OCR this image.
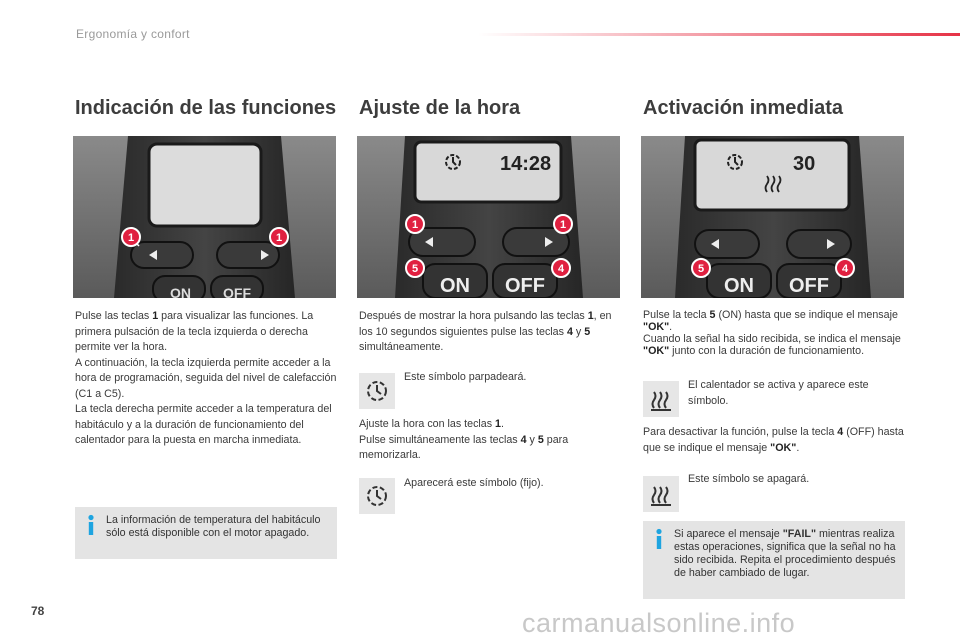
Ergonomía y confort
Indicación de las funciones
ON OFF
1	1

Pulse las teclas 1 para visualizar las funciones. La primera pulsación de la tecla izquierda o derecha permite ver la hora.

A continuación, la tecla izquierda permite acceder a la hora de programación, seguida del nivel de calefacción (C1 a C5).

La tecla derecha permite acceder a la temperatura del habitáculo y a la duración de funcionamiento del calentador para la puesta en marcha inmediata.

La información de temperatura del habitáculo sólo está disponible con el motor apagado.
Ajuste de la hora
14:28
ON OFF
1	1
5	4

Después de mostrar la hora pulsando las teclas 1, en los 10 segundos siguientes pulse las teclas 4 y 5 simultáneamente.

Este símbolo parpadeará.

Ajuste la hora con las teclas 1.

Pulse simultáneamente las teclas 4 y 5 para memorizarla.

Aparecerá este símbolo (fijo).
Activación inmediata
30
ON OFF
5	4

Pulse la tecla 5 (ON) hasta que se indique el mensaje "OK".

Cuando la señal ha sido recibida, se indica el mensaje "OK" junto con la duración de funcionamiento.

El calentador se activa y aparece este símbolo.

Para desactivar la función, pulse la tecla 4 (OFF) hasta que se indique el mensaje "OK".

Este símbolo se apagará.
Si aparece el mensaje "FAIL" mientras realiza estas operaciones, significa que la señal no ha sido recibida. Repita el procedimiento después de haber cambiado de lugar.
78	carmanualsonline.info
